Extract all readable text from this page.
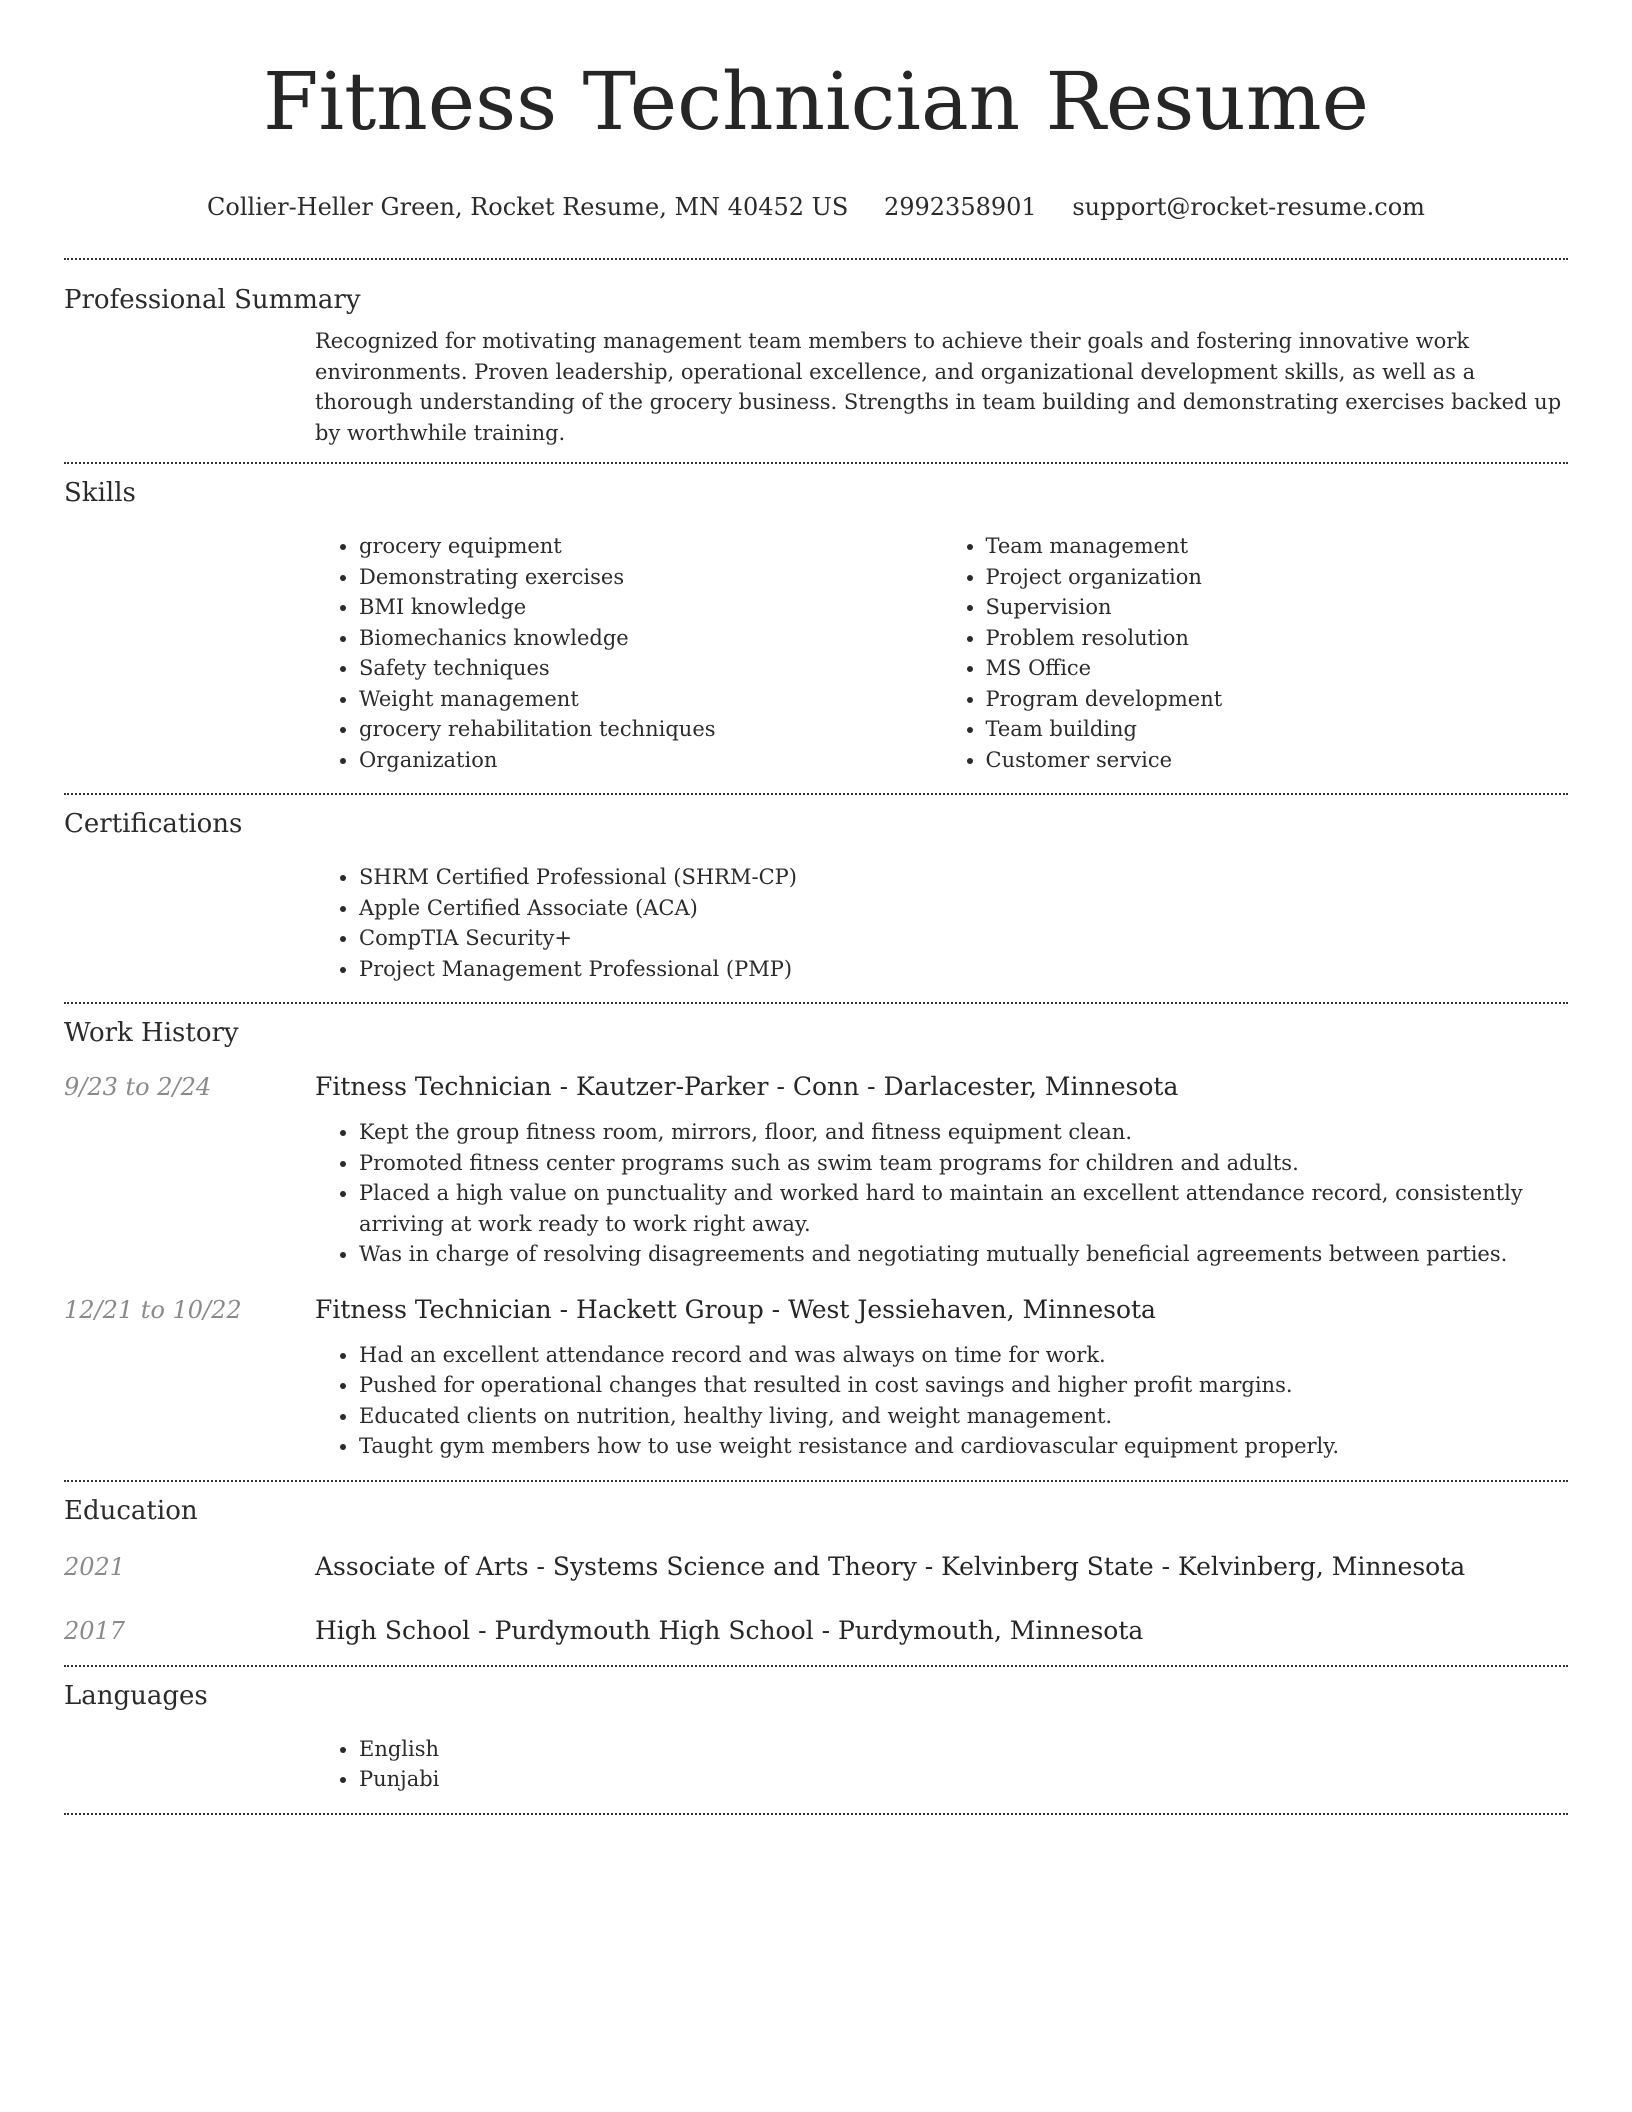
Fitness Technician Resume
Collier-Heller Green, Rocket Resume, MN 40452 US 2992358901 support@rocket-resume.com
Professional Summary

Recognized for motivating management team members to achieve their goals and fostering innovative work environments. Proven leadership, operational excellence, and organizational development skills, as well as a thorough understanding of the grocery business. Strengths in team building and demonstrating exercises backed up by worthwhile training.

Skills
• grocery equipment
• Demonstrating exercises
• BMI knowledge
• Biomechanics knowledge
• Safety techniques
• Weight management
• grocery rehabilitation techniques
• Organization
• Team management
• Project organization
• Supervision
• Problem resolution
• MS Office
• Program development
• Team building
• Customer service
Certifications
• SHRM Certified Professional (SHRM-CP)
• Apple Certified Associate (ACA)
• CompTIA Security+
• Project Management Professional (PMP)
Work History
9/23 to 2/24	Fitness Technician - Kautzer-Parker - Conn - Darlacester, Minnesota
• Kept the group fitness room, mirrors, floor, and fitness equipment clean.
• Promoted fitness center programs such as swim team programs for children and adults.
• Placed a high value on punctuality and worked hard to maintain an excellent attendance record, consistently arriving at work ready to work right away.
• Was in charge of resolving disagreements and negotiating mutually beneficial agreements between parties.
12/21 to 10/22	Fitness Technician - Hackett Group - West Jessiehaven, Minnesota
• Had an excellent attendance record and was always on time for work.
• Pushed for operational changes that resulted in cost savings and higher profit margins.
• Educated clients on nutrition, healthy living, and weight management.
• Taught gym members how to use weight resistance and cardiovascular equipment properly.
Education
2021	Associate of Arts - Systems Science and Theory - Kelvinberg State - Kelvinberg, Minnesota
2017	High School - Purdymouth High School - Purdymouth, Minnesota
Languages
• English
• Punjabi
